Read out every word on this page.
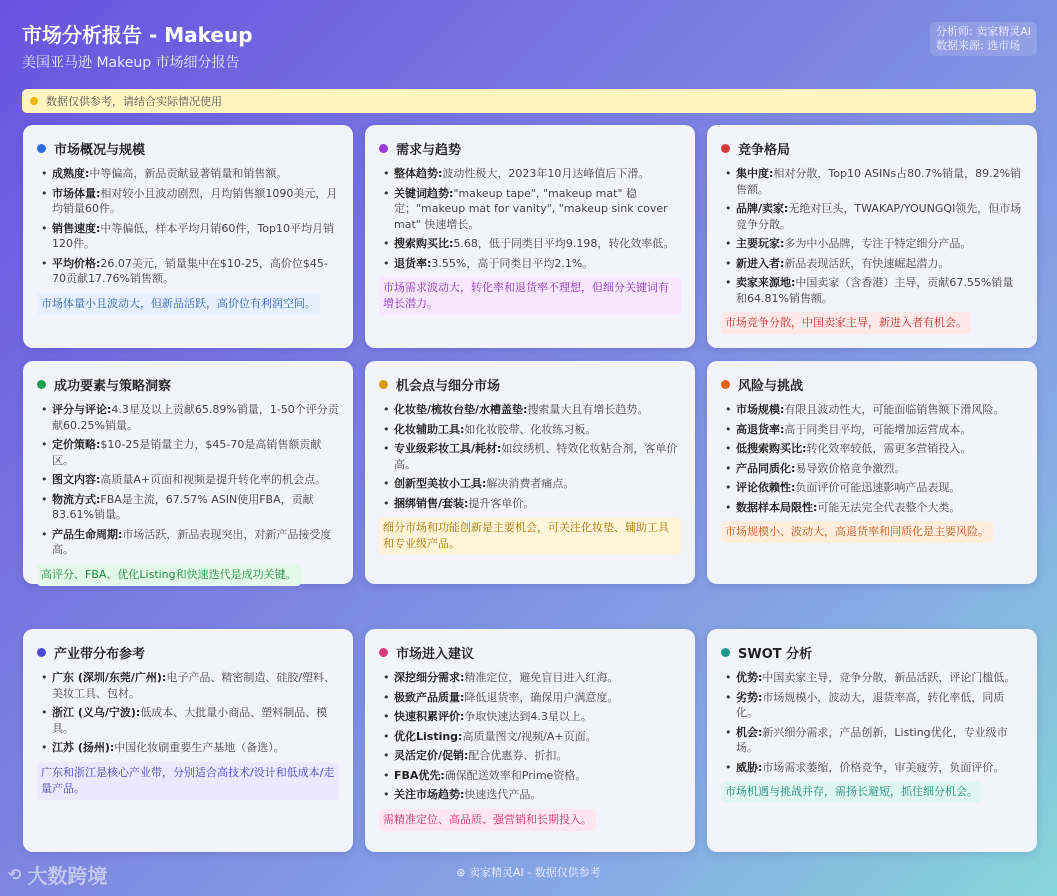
市场分析报告 - Makeup
美国亚马逊 Makeup 市场细分报告
分析师: 卖家精灵AI
数据来源: 选市场
数据仅供参考，请结合实际情况使用
市场概况与规模
• 成熟度:中等偏高，新品贡献显著销量和销售额。
• 市场体量:相对较小且波动剧烈，月均销售额1090美元，月均销量60件。
• 销售速度:中等偏低，样本平均月销60件，Top10平均月销120件。
• 平均价格:26.07美元，销量集中在$10-25，高价位$45-70贡献17.76%销售额。
市场体量小且波动大，但新品活跃，高价位有利润空间。
需求与趋势
• 整体趋势:波动性极大，2023年10月达峰值后下滑。
• 关键词趋势:"makeup tape", "makeup mat" 稳定；"makeup mat for vanity", "makeup sink cover mat" 快速增长。
• 搜索购买比:5.68，低于同类目平均9.198，转化效率低。
• 退货率:3.55%，高于同类目平均2.1%。
市场需求波动大，转化率和退货率不理想，但细分关键词有增长潜力。
竞争格局
• 集中度:相对分散，Top10 ASINs占80.7%销量，89.2%销售额。
• 品牌/卖家:无绝对巨头，TWAKAP/YOUNGQI领先，但市场竞争分散。
• 主要玩家:多为中小品牌，专注于特定细分产品。
• 新进入者:新品表现活跃，有快速崛起潜力。
• 卖家来源地:中国卖家（含香港）主导，贡献67.55%销量和64.81%销售额。
市场竞争分散，中国卖家主导，新进入者有机会。
成功要素与策略洞察
• 评分与评论:4.3星及以上贡献65.89%销量，1-50个评分贡献60.25%销量。
• 定价策略:$10-25是销量主力，$45-70是高销售额贡献区。
• 图文内容:高质量A+页面和视频是提升转化率的机会点。
• 物流方式:FBA是主流，67.57% ASIN使用FBA，贡献83.61%销量。
• 产品生命周期:市场活跃，新品表现突出，对新产品接受度高。
高评分、FBA、优化Listing和快速迭代是成功关键。
机会点与细分市场
• 化妆垫/梳妆台垫/水槽盖垫:搜索量大且有增长趋势。
• 化妆辅助工具:如化妆胶带、化妆练习板。
• 专业级彩妆工具/耗材:如纹绣机、特效化妆粘合剂，客单价高。
• 创新型美妆小工具:解决消费者痛点。
• 捆绑销售/套装:提升客单价。
细分市场和功能创新是主要机会，可关注化妆垫、辅助工具和专业级产品。
风险与挑战
• 市场规模:有限且波动性大，可能面临销售额下滑风险。
• 高退货率:高于同类目平均，可能增加运营成本。
• 低搜索购买比:转化效率较低，需更多营销投入。
• 产品同质化:易导致价格竞争激烈。
• 评论依赖性:负面评价可能迅速影响产品表现。
• 数据样本局限性:可能无法完全代表整个大类。
市场规模小、波动大，高退货率和同质化是主要风险。
产业带分布参考
• 广东 (深圳/东莞/广州):电子产品、精密制造、硅胶/塑料、美妆工具、包材。
• 浙江 (义乌/宁波):低成本、大批量小商品、塑料制品、模具。
• 江苏 (扬州):中国化妆刷重要生产基地（备选）。
广东和浙江是核心产业带，分别适合高技术/设计和低成本/走量产品。
市场进入建议
• 深挖细分需求:精准定位，避免盲目进入红海。
• 极致产品质量:降低退货率，确保用户满意度。
• 快速积累评价:争取快速达到4.3星以上。
• 优化Listing:高质量图文/视频/A+页面。
• 灵活定价/促销:配合优惠券、折扣。
• FBA优先:确保配送效率和Prime资格。
• 关注市场趋势:快速迭代产品。
需精准定位、高品质、强营销和长期投入。
SWOT 分析
• 优势:中国卖家主导，竞争分散，新品活跃，评论门槛低。
• 劣势:市场规模小，波动大，退货率高，转化率低，同质化。
• 机会:新兴细分需求，产品创新，Listing优化，专业级市场。
• 威胁:市场需求萎缩，价格竞争，审美疲劳，负面评价。
市场机遇与挑战并存，需扬长避短，抓住细分机会。
⊛ 卖家精灵AI - 数据仅供参考
⟲ 大数跨境
